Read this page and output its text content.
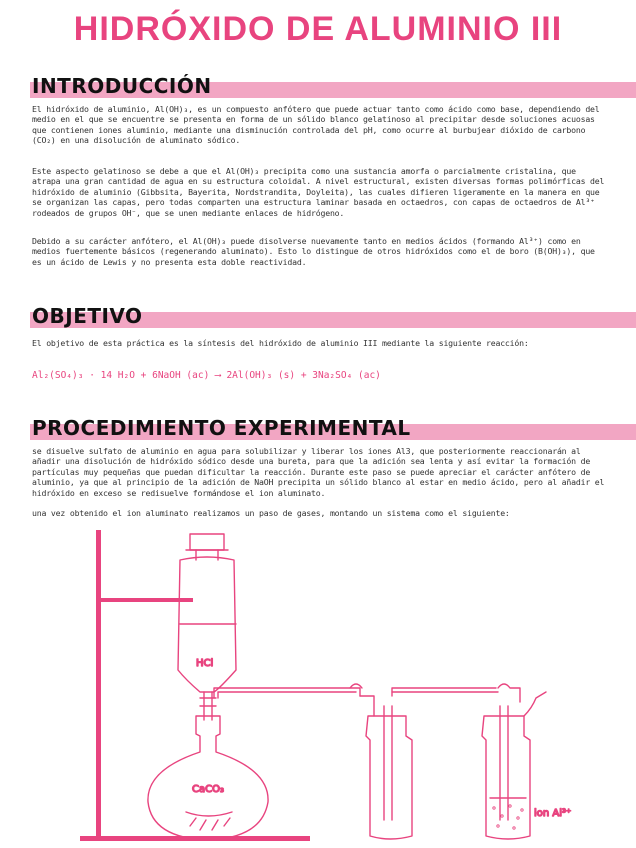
HIDRÓXIDO DE ALUMINIO III
INTRODUCCIÓN
El hidróxido de aluminio, Al(OH)₃, es un compuesto anfótero que puede actuar tanto como ácido como base, dependiendo del medio en el que se encuentre se presenta en forma de un sólido blanco gelatinoso al precipitar desde soluciones acuosas que contienen iones aluminio, mediante una disminución controlada del pH, como ocurre al burbujear dióxido de carbono (CO₂) en una disolución de aluminato sódico.
Este aspecto gelatinoso se debe a que el Al(OH)₃ precipita como una sustancia amorfa o parcialmente cristalina, que atrapa una gran cantidad de agua en su estructura coloidal. A nivel estructural, existen diversas formas polimórficas del hidróxido de aluminio (Gibbsita, Bayerita, Nordstrandita, Doyleita), las cuales difieren ligeramente en la manera en que se organizan las capas, pero todas comparten una estructura laminar basada en octaedros, con capas de octaedros de Al³⁺ rodeados de grupos OH⁻, que se unen mediante enlaces de hidrógeno.
Debido a su carácter anfótero, el Al(OH)₃ puede disolverse nuevamente tanto en medios ácidos (formando Al³⁺) como en medios fuertemente básicos (regenerando aluminato). Esto lo distingue de otros hidróxidos como el de boro (B(OH)₃), que es un ácido de Lewis y no presenta esta doble reactividad.
OBJETIVO
El objetivo de esta práctica es la síntesis del hidróxido de aluminio III mediante la siguiente reacción:
Al₂(SO₄)₃ · 14 H₂O + 6NaOH (ac) ⟶ 2Al(OH)₃ (s) + 3Na₂SO₄ (ac)
PROCEDIMIENTO EXPERIMENTAL
se disuelve sulfato de aluminio en agua para solubilizar y liberar los iones Al3, que posteriormente reaccionarán al añadir una disolución de hidróxido sódico desde una bureta, para que la adición sea lenta y así evitar la formación de partículas muy pequeñas que puedan dificultar la reacción. Durante este paso se puede apreciar el carácter anfótero de aluminio, ya que al principio de la adición de NaOH precipita un sólido blanco al estar en medio ácido, pero al añadir el hidróxido en exceso se redisuelve formándose el ion aluminato.
una vez obtenido el ion aluminato realizamos un paso de gases, montando un sistema como el siguiente:
HCl
CaCO₃
ion Al³⁺
